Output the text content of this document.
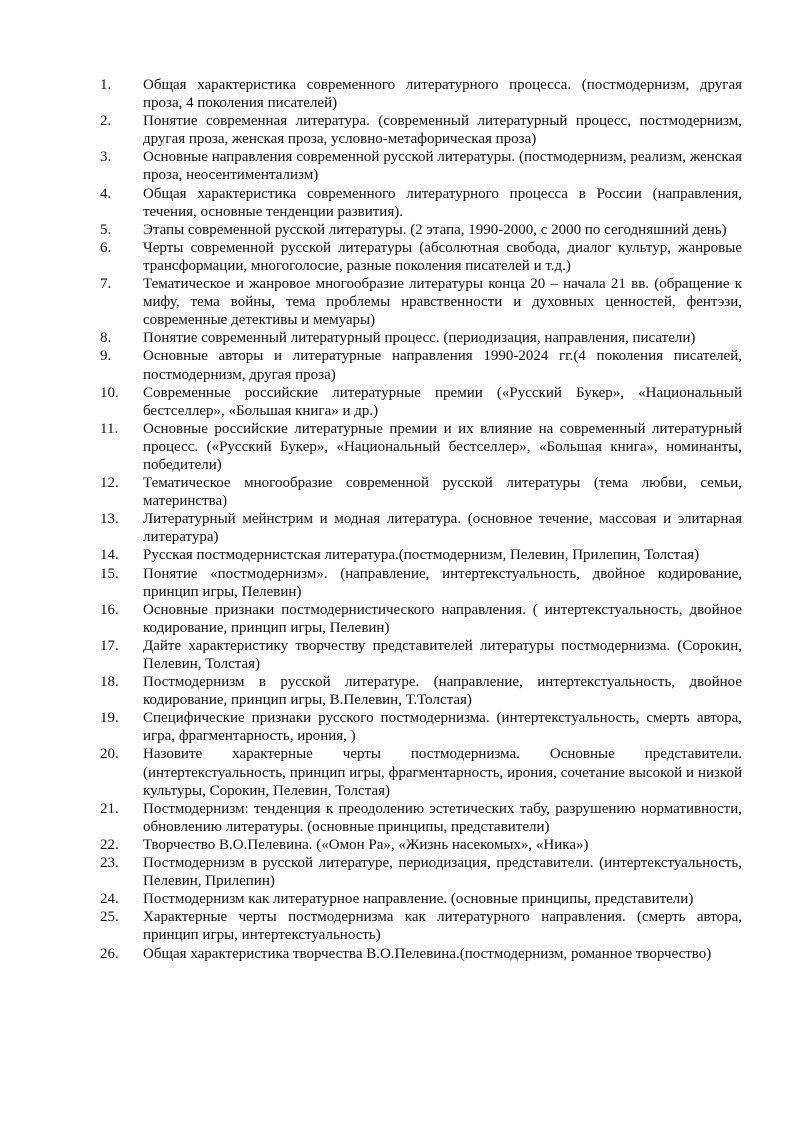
1.	Общая характеристика современного литературного процесса. (постмодернизм, другая проза, 4 поколения писателей)
2.	Понятие современная литература. (современный литературный процесс, постмодернизм, другая проза, женская проза, условно-метафорическая проза)
3.	Основные направления современной русской литературы. (постмодернизм, реализм, женская проза, неосентиментализм)
4.	Общая характеристика современного литературного процесса в России (направления, течения, основные тенденции развития).
5.	Этапы современной русской литературы. (2 этапа, 1990-2000, с 2000 по сегодняшний день)
6.	Черты современной русской литературы (абсолютная свобода, диалог культур, жанровые трансформации, многоголосие, разные поколения писателей и т.д.)
7.	Тематическое и жанровое многообразие литературы конца 20 – начала 21 вв. (обращение к мифу, тема войны, тема проблемы нравственности и духовных ценностей, фентэзи, современные детективы и мемуары)
8.	Понятие современный литературный процесс. (периодизация, направления, писатели)
9.	Основные авторы и литературные направления 1990-2024 гг.(4 поколения писателей, постмодернизм, другая проза)
10.	Современные российские литературные премии («Русский Букер», «Национальный бестселлер», «Большая книга» и др.)
11.	Основные российские литературные премии и их влияние на современный литературный процесс. («Русский Букер», «Национальный бестселлер», «Большая книга», номинанты, победители)
12.	Тематическое многообразие современной русской литературы (тема любви, семьи, материнства)
13.	Литературный мейнстрим и модная литература. (основное течение, массовая и элитарная литература)
14.	Русская постмодернистская литература.(постмодернизм, Пелевин, Прилепин, Толстая)
15.	Понятие «постмодернизм». (направление, интертекстуальность, двойное кодирование, принцип игры, Пелевин)
16.	Основные признаки постмодернистического направления. ( интертекстуальность, двойное кодирование, принцип игры, Пелевин)
17.	Дайте характеристику творчеству представителей литературы постмодернизма. (Сорокин, Пелевин, Толстая)
18.	Постмодернизм в русской литературе. (направление, интертекстуальность, двойное кодирование, принцип игры, В.Пелевин, Т.Толстая)
19.	Специфические признаки русского постмодернизма. (интертекстуальность, смерть автора, игра, фрагментарность, ирония, )
20.	Назовите характерные черты постмодернизма. Основные представители. (интертекстуальность, принцип игры, фрагментарность, ирония, сочетание высокой и низкой культуры, Сорокин, Пелевин, Толстая)
21.	Постмодернизм: тенденция к преодолению эстетических табу, разрушению нормативности, обновлению литературы. (основные принципы, представители)
22.	Творчество В.О.Пелевина. («Омон Ра», «Жизнь насекомых», «Ника»)
23.	Постмодернизм в русской литературе, периодизация, представители. (интертекстуальность, Пелевин, Прилепин)
24.	Постмодернизм как литературное направление. (основные принципы, представители)
25.	Характерные черты постмодернизма как литературного направления. (смерть автора, принцип игры, интертекстуальность)
26.	Общая характеристика творчества В.О.Пелевина.(постмодернизм, романное творчество)
